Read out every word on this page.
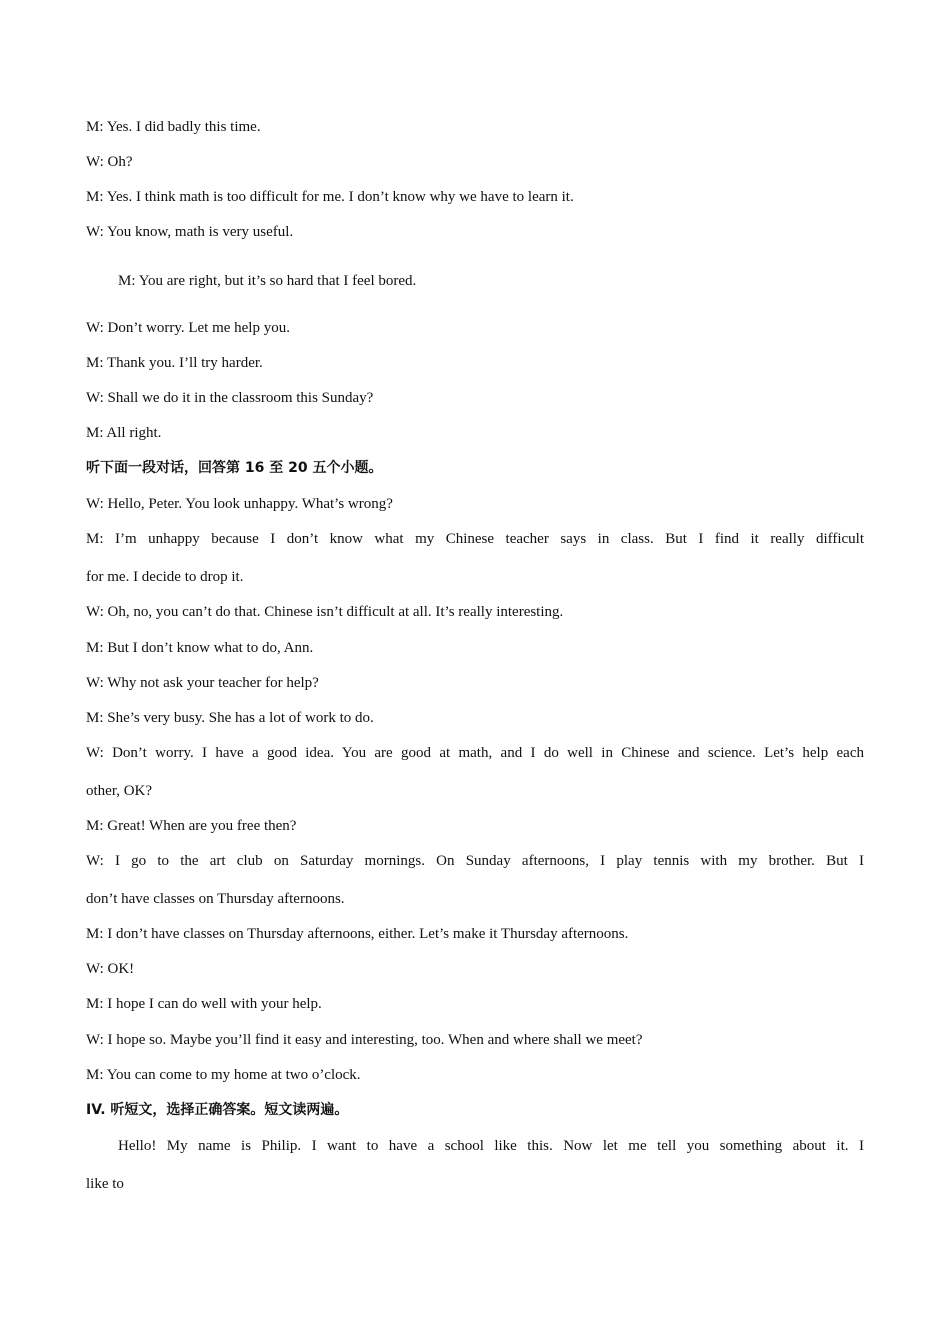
M: Yes. I did badly this time.

W: Oh?

M: Yes. I think math is too difficult for me. I don’t know why we have to learn it.

W: You know, math is very useful.

M: You are right, but it’s so hard that I feel bored.

W: Don’t worry. Let me help you.

M: Thank you. I’ll try harder.

W: Shall we do it in the classroom this Sunday?

M: All right.

听下面一段对话，回答第 16 至 20 五个小题。

W: Hello, Peter. You look unhappy. What’s wrong?

M: I’m unhappy because I don’t know what my Chinese teacher says in class. But I find it really difficult

for me. I decide to drop it.

W: Oh, no, you can’t do that. Chinese isn’t difficult at all. It’s really interesting.

M: But I don’t know what to do, Ann.

W: Why not ask your teacher for help?

M: She’s very busy. She has a lot of work to do.

W: Don’t worry. I have a good idea. You are good at math, and I do well in Chinese and science. Let’s help each

other, OK?

M: Great! When are you free then?

W: I go to the art club on Saturday mornings. On Sunday afternoons, I play tennis with my brother. But I

don’t have classes on Thursday afternoons.

M: I don’t have classes on Thursday afternoons, either. Let’s make it Thursday afternoons.

W: OK!

M: I hope I can do well with your help.

W: I hope so. Maybe you’ll find it easy and interesting, too. When and where shall we meet?

M: You can come to my home at two o’clock.

IV. 听短文，选择正确答案。短文读两遍。

Hello! My name is Philip. I want to have a school like this. Now let me tell you something about it. I

like to
